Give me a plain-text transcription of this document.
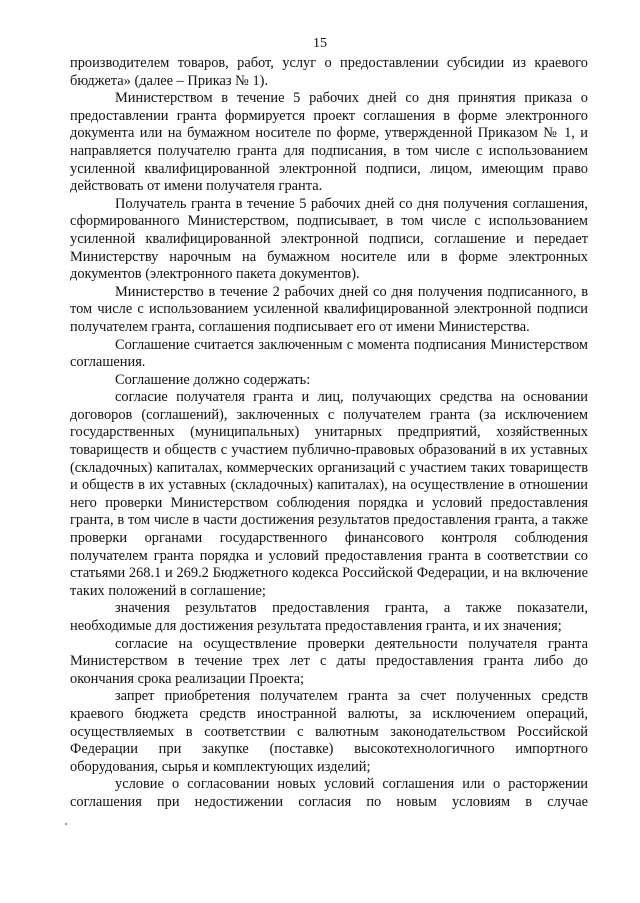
15

производителем товаров, работ, услуг о предоставлении субсидии из краевого бюджета» (далее – Приказ № 1).

Министерством в течение 5 рабочих дней со дня принятия приказа о предоставлении гранта формируется проект соглашения в форме электронного документа или на бумажном носителе по форме, утвержденной Приказом № 1, и направляется получателю гранта для подписания, в том числе с использованием усиленной квалифицированной электронной подписи, лицом, имеющим право действовать от имени получателя гранта.

Получатель гранта в течение 5 рабочих дней со дня получения соглашения, сформированного Министерством, подписывает, в том числе с использованием усиленной квалифицированной электронной подписи, соглашение и передает Министерству нарочным на бумажном носителе или в форме электронных документов (электронного пакета документов).

Министерство в течение 2 рабочих дней со дня получения подписанного, в том числе с использованием усиленной квалифицированной электронной подписи получателем гранта, соглашения подписывает его от имени Министерства.

Соглашение считается заключенным с момента подписания Министерством соглашения.

Соглашение должно содержать:

согласие получателя гранта и лиц, получающих средства на основании договоров (соглашений), заключенных с получателем гранта (за исключением государственных (муниципальных) унитарных предприятий, хозяйственных товариществ и обществ с участием публично-правовых образований в их уставных (складочных) капиталах, коммерческих организаций с участием таких товариществ и обществ в их уставных (складочных) капиталах), на осуществление в отношении него проверки Министерством соблюдения порядка и условий предоставления гранта, в том числе в части достижения результатов предоставления гранта, а также проверки органами государственного финансового контроля соблюдения получателем гранта порядка и условий предоставления гранта в соответствии со статьями 268.1 и 269.2 Бюджетного кодекса Российской Федерации, и на включение таких положений в соглашение;

значения результатов предоставления гранта, а также показатели, необходимые для достижения результата предоставления гранта, и их значения;

согласие на осуществление проверки деятельности получателя гранта Министерством в течение трех лет с даты предоставления гранта либо до окончания срока реализации Проекта;

запрет приобретения получателем гранта за счет полученных средств краевого бюджета средств иностранной валюты, за исключением операций, осуществляемых в соответствии с валютным законодательством Российской Федерации при закупке (поставке) высокотехнологичного импортного оборудования, сырья и комплектующих изделий;

условие о согласовании новых условий соглашения или о расторжении соглашения при недостижении согласия по новым условиям в случае
